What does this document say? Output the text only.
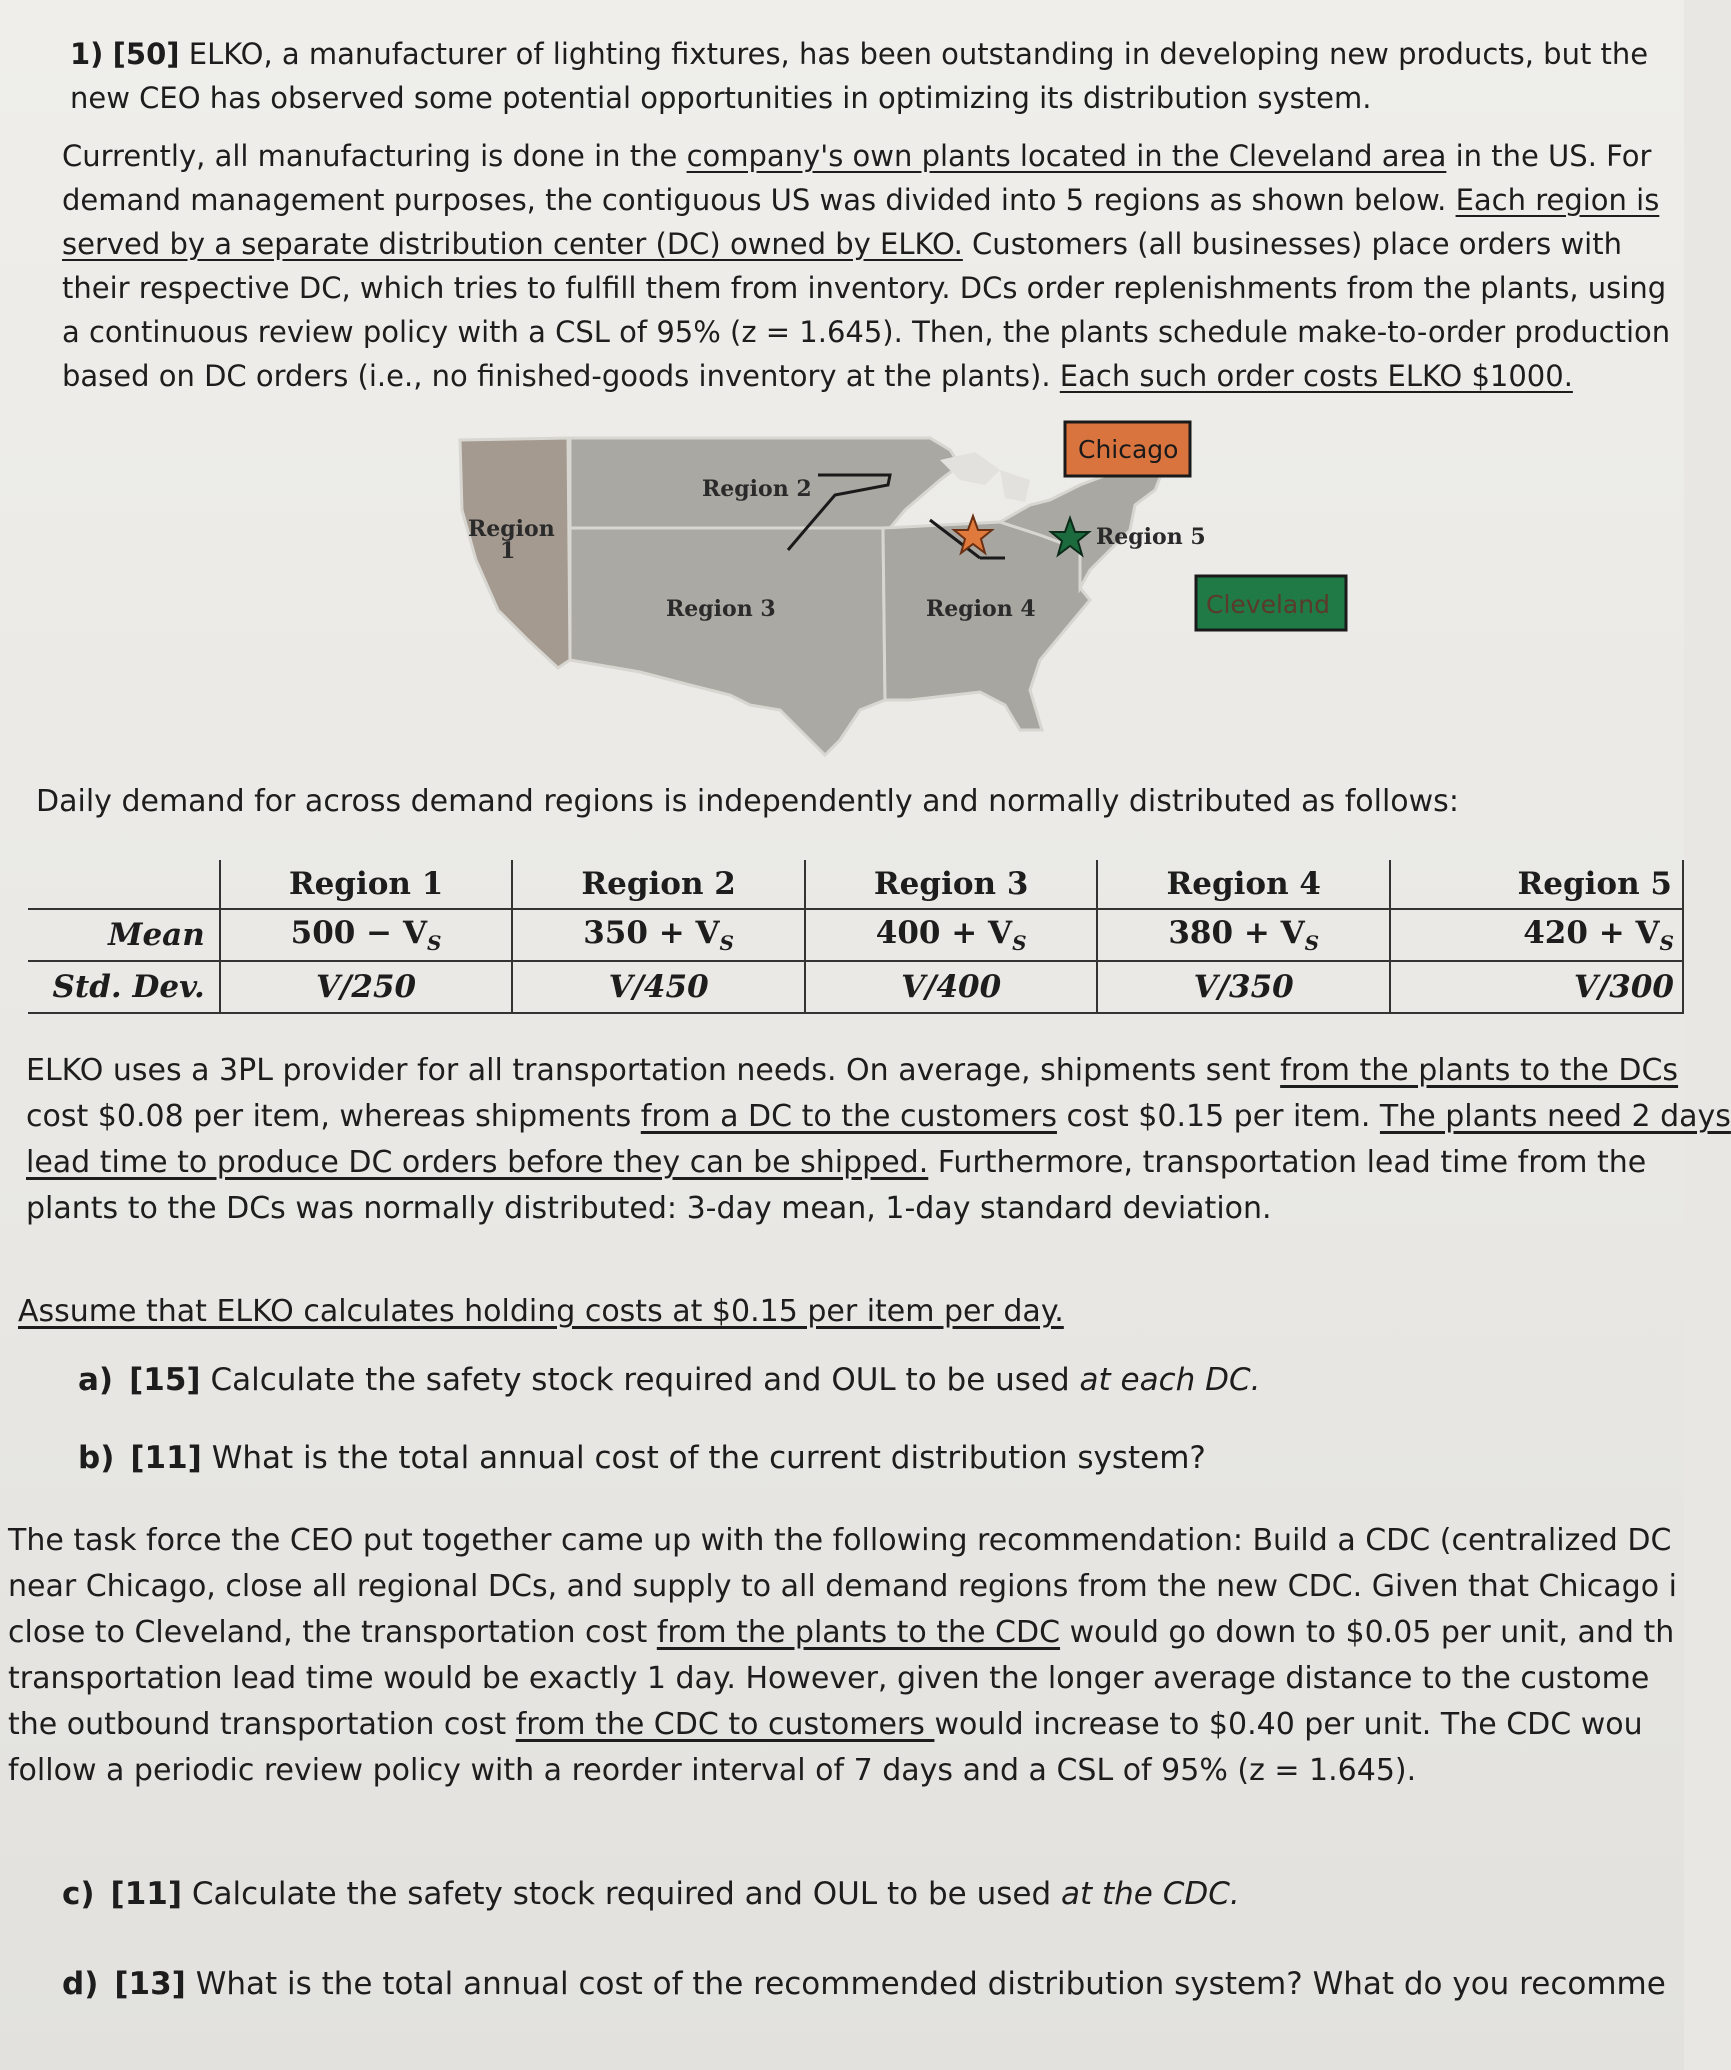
1) [50] ELKO, a manufacturer of lighting fixtures, has been outstanding in developing new products, but the
new CEO has observed some potential opportunities in optimizing its distribution system.

Currently, all manufacturing is done in the company's own plants located in the Cleveland area in the US. For
demand management purposes, the contiguous US was divided into 5 regions as shown below. Each region is
served by a separate distribution center (DC) owned by ELKO. Customers (all businesses) place orders with
their respective DC, which tries to fulfill them from inventory. DCs order replenishments from the plants, using
a continuous review policy with a CSL of 95% (z = 1.645). Then, the plants schedule make-to-order production
based on DC orders (i.e., no finished-goods inventory at the plants). Each such order costs ELKO $1000.

Region
1
Region 2
Region 3	Region 4
Region 5
Chicago
Cleveland

Daily demand for across demand regions is independently and normally distributed as follows:

	Region 1	Region 2	Region 3	Region 4	Region 5
Mean	$500 - V_S$	$350 + V_S$	$400 + V_S$	$380 + V_S$	$420 + V_S$
Std. Dev.	V/250	V/450	V/400	V/350	V/300

ELKO uses a 3PL provider for all transportation needs. On average, shipments sent from the plants to the DCs
cost $0.08 per item, whereas shipments from a DC to the customers cost $0.15 per item. The plants need 2 days
lead time to produce DC orders before they can be shipped. Furthermore, transportation lead time from the
plants to the DCs was normally distributed: 3-day mean, 1-day standard deviation.

Assume that ELKO calculates holding costs at $0.15 per item per day.

a) [15] Calculate the safety stock required and OUL to be used at each DC.
b) [11] What is the total annual cost of the current distribution system?

The task force the CEO put together came up with the following recommendation: Build a CDC (centralized DC
near Chicago, close all regional DCs, and supply to all demand regions from the new CDC. Given that Chicago i
close to Cleveland, the transportation cost from the plants to the CDC would go down to $0.05 per unit, and th
transportation lead time would be exactly 1 day. However, given the longer average distance to the custome
the outbound transportation cost from the CDC to customers would increase to $0.40 per unit. The CDC wou
follow a periodic review policy with a reorder interval of 7 days and a CSL of 95% (z = 1.645).

c) [11] Calculate the safety stock required and OUL to be used at the CDC.
d) [13] What is the total annual cost of the recommended distribution system? What do you recomme
